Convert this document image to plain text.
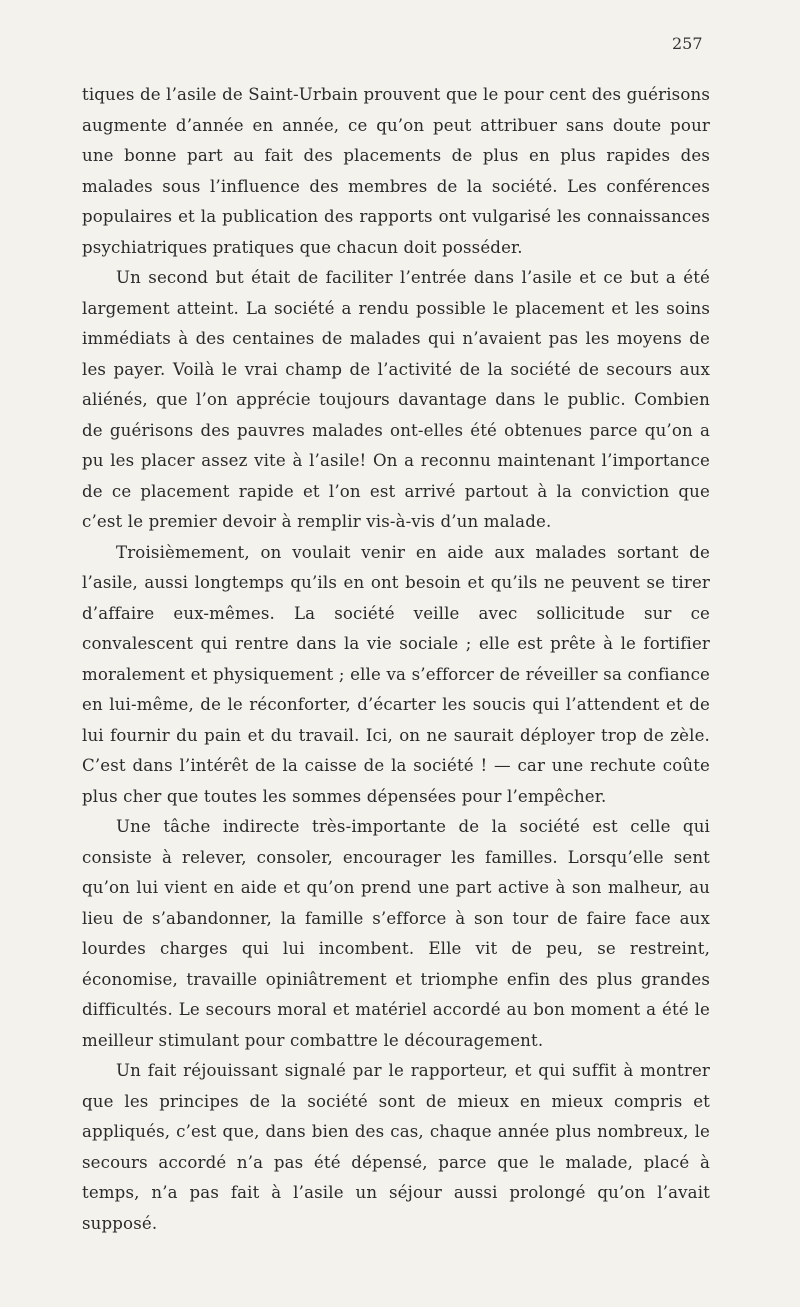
257

tiques de l’asile de Saint-Urbain prouvent que le pour cent des guérisons augmente d’année en année, ce qu’on peut attribuer sans doute pour une bonne part au fait des placements de plus en plus rapides des malades sous l’influence des membres de la société. Les conférences populaires et la publication des rapports ont vulgarisé les connaissances psychiatriques pratiques que chacun doit posséder.

Un second but était de faciliter l’entrée dans l’asile et ce but a été largement atteint. La société a rendu possible le placement et les soins immédiats à des centaines de malades qui n’avaient pas les moyens de les payer. Voilà le vrai champ de l’activité de la société de secours aux aliénés, que l’on apprécie toujours davantage dans le public. Combien de guérisons des pauvres malades ont-elles été obtenues parce qu’on a pu les placer assez vite à l’asile! On a reconnu maintenant l’importance de ce placement rapide et l’on est arrivé partout à la conviction que c’est le premier devoir à remplir vis-à-vis d’un malade.

Troisièmement, on voulait venir en aide aux malades sortant de l’asile, aussi longtemps qu’ils en ont besoin et qu’ils ne peuvent se tirer d’affaire eux-mêmes. La société veille avec sollicitude sur ce convalescent qui rentre dans la vie sociale ; elle est prête à le fortifier moralement et physiquement ; elle va s’efforcer de réveiller sa confiance en lui-même, de le réconforter, d’écarter les soucis qui l’attendent et de lui fournir du pain et du travail. Ici, on ne saurait déployer trop de zèle. C’est dans l’intérêt de la caisse de la société ! — car une rechute coûte plus cher que toutes les sommes dépensées pour l’empêcher.

Une tâche indirecte très-importante de la société est celle qui consiste à relever, consoler, encourager les familles. Lorsqu’elle sent qu’on lui vient en aide et qu’on prend une part active à son malheur, au lieu de s’abandonner, la famille s’efforce à son tour de faire face aux lourdes charges qui lui incombent. Elle vit de peu, se restreint, économise, travaille opiniâtrement et triomphe enfin des plus grandes difficultés. Le secours moral et matériel accordé au bon moment a été le meilleur stimulant pour combattre le découragement.

Un fait réjouissant signalé par le rapporteur, et qui suffit à montrer que les principes de la société sont de mieux en mieux compris et appliqués, c’est que, dans bien des cas, chaque année plus nombreux, le secours accordé n’a pas été dépensé, parce que le malade, placé à temps, n’a pas fait à l’asile un séjour aussi prolongé qu’on l’avait supposé.
